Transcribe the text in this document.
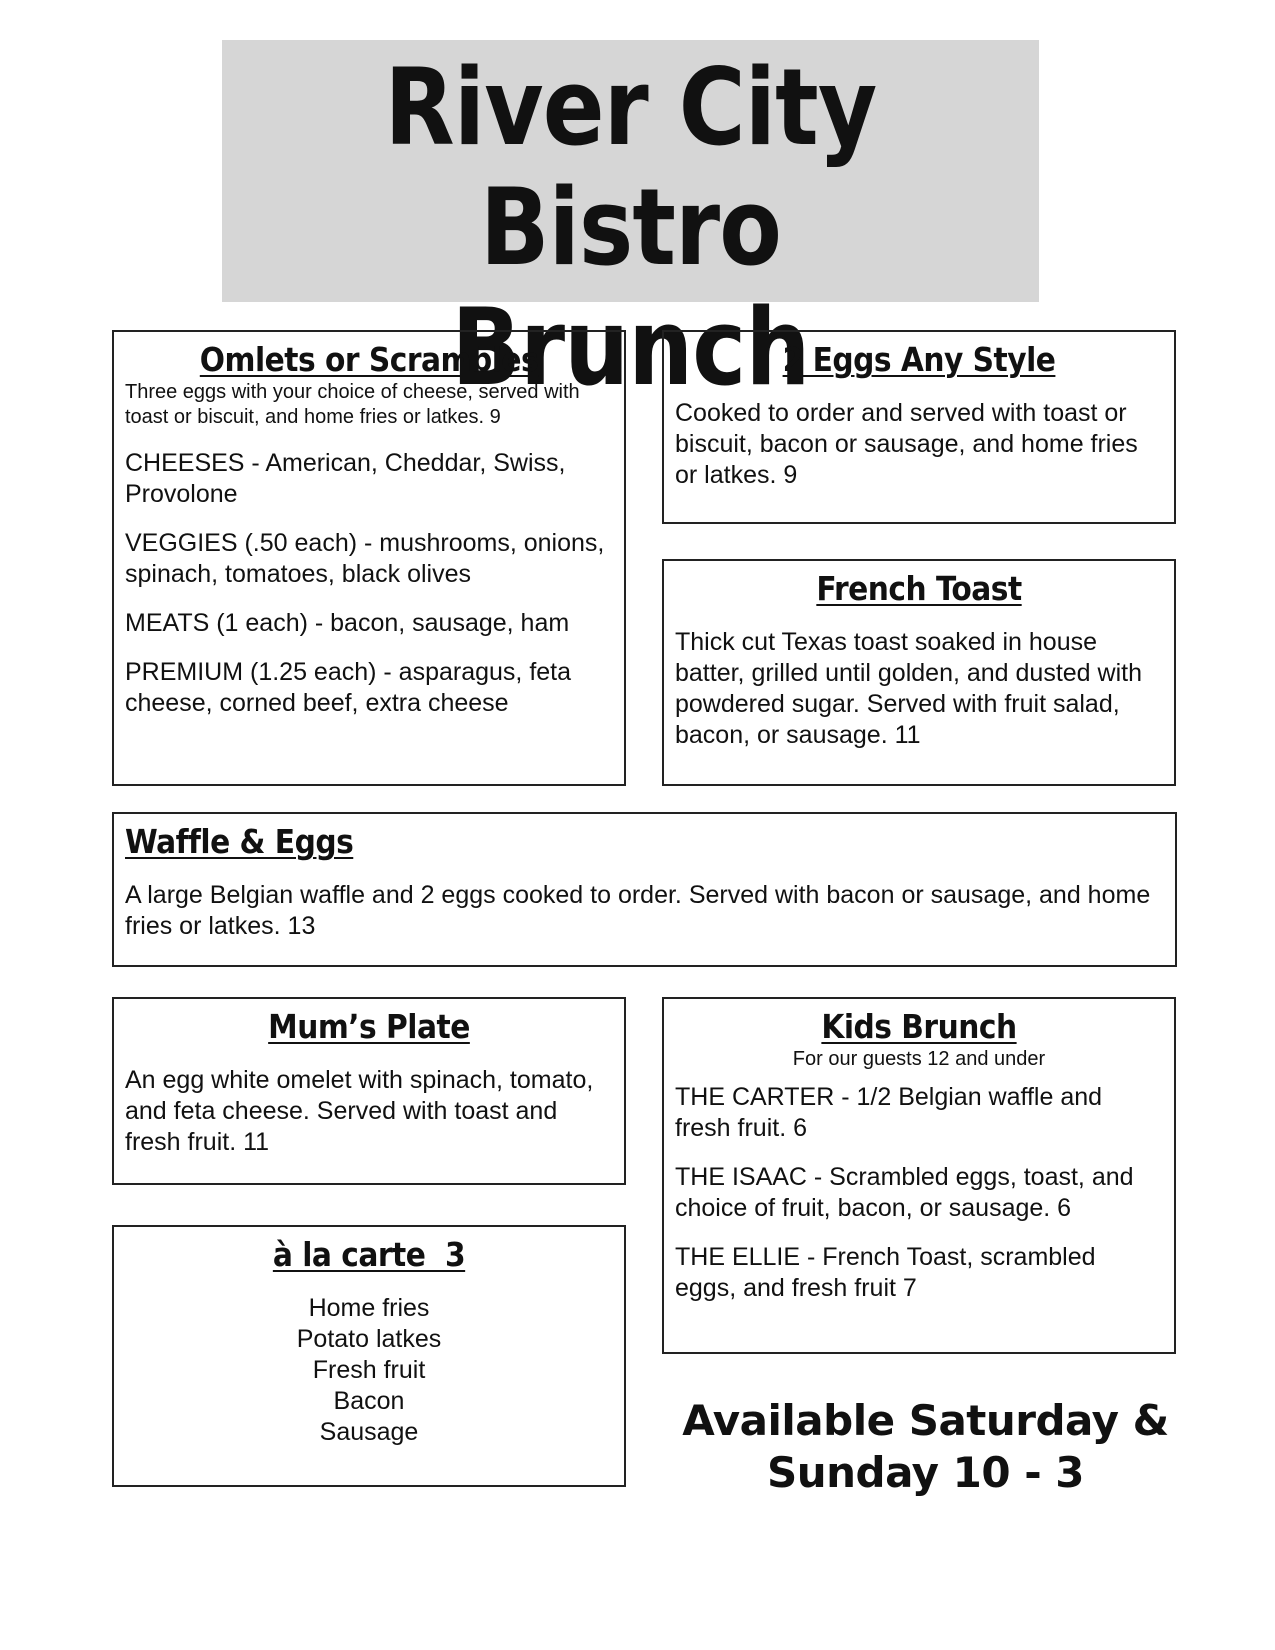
River City Bistro
Brunch
Omlets or Scrambles

Three eggs with your choice of cheese, served with toast or biscuit, and home fries or latkes. 9

CHEESES - American, Cheddar, Swiss, Provolone

VEGGIES (.50 each) - mushrooms, onions, spinach, tomatoes, black olives

MEATS (1 each) - bacon, sausage, ham

PREMIUM (1.25 each) - asparagus, feta cheese, corned beef, extra cheese

2 Eggs Any Style

Cooked to order and served with toast or biscuit, bacon or sausage, and home fries or latkes. 9

French Toast

Thick cut Texas toast soaked in house batter, grilled until golden, and dusted with powdered sugar. Served with fruit salad, bacon, or sausage. 11

Waffle & Eggs

A large Belgian waffle and 2 eggs cooked to order. Served with bacon or sausage, and home fries or latkes. 13

Mum’s Plate

An egg white omelet with spinach, tomato, and feta cheese. Served with toast and fresh fruit. 11

Kids Brunch

For our guests 12 and under

THE CARTER - 1/2 Belgian waffle and fresh fruit. 6

THE ISAAC - Scrambled eggs, toast, and choice of fruit, bacon, or sausage. 6

THE ELLIE - French Toast, scrambled eggs, and fresh fruit 7

à la carte  3

Home fries

Potato latkes

Fresh fruit

Bacon

Sausage	Available Saturday &
Sunday 10 - 3
